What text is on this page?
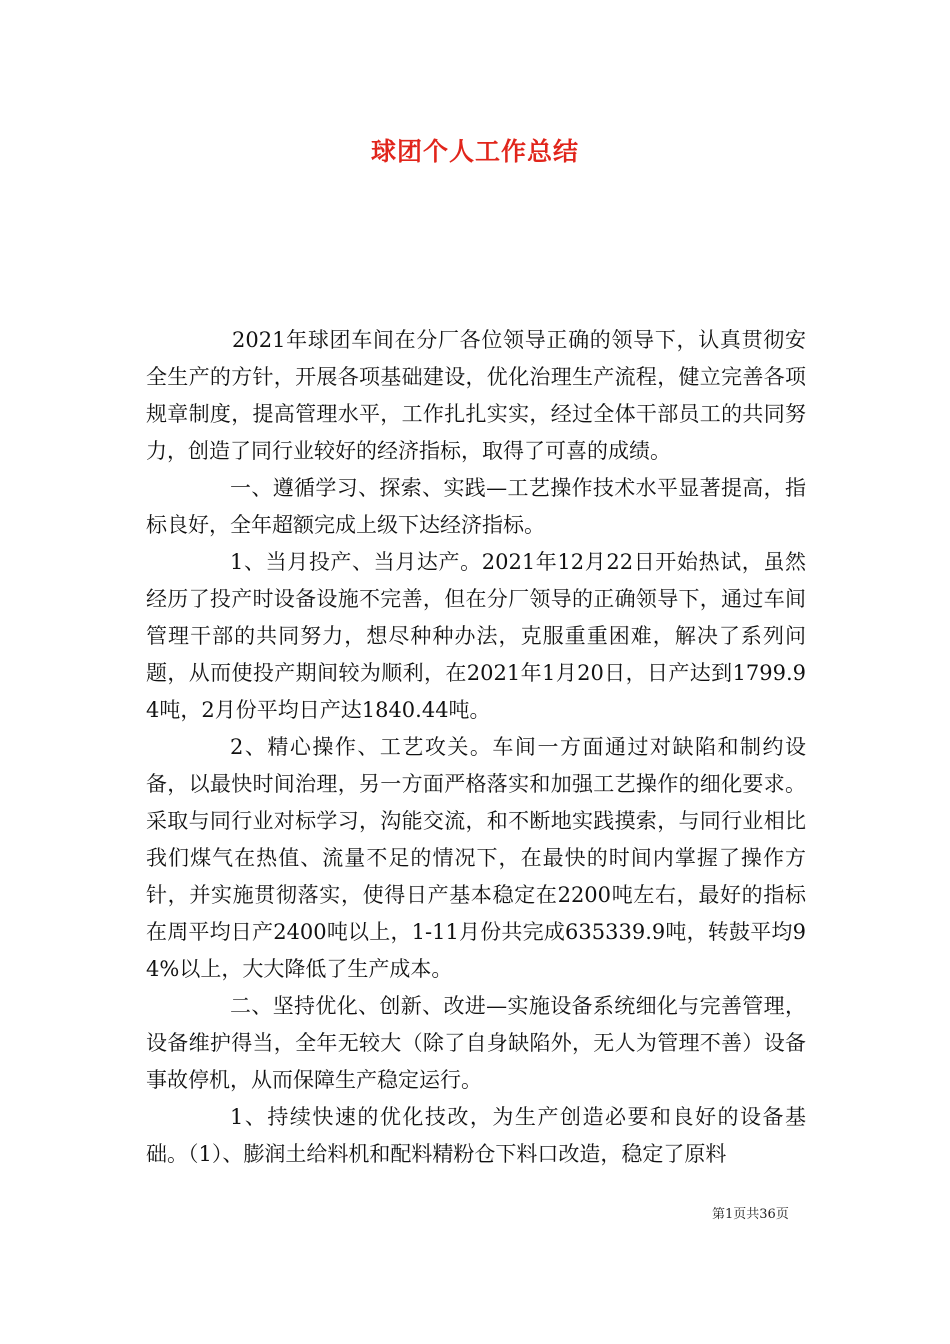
球团个人工作总结

2021年球团车间在分厂各位领导正确的领导下，认真贯彻安全生产的方针，开展各项基础建设，优化治理生产流程，健立完善各项规章制度，提高管理水平，工作扎扎实实，经过全体干部员工的共同努力，创造了同行业较好的经济指标，取得了可喜的成绩。

一、遵循学习、探索、实践—工艺操作技术水平显著提高，指标良好，全年超额完成上级下达经济指标。

1、当月投产、当月达产。2021年12月22日开始热试，虽然经历了投产时设备设施不完善，但在分厂领导的正确领导下，通过车间管理干部的共同努力，想尽种种办法，克服重重困难，解决了系列问题，从而使投产期间较为顺利，在2021年1月20日，日产达到1799.94吨，2月份平均日产达1840.44吨。

2、精心操作、工艺攻关。车间一方面通过对缺陷和制约设备，以最快时间治理，另一方面严格落实和加强工艺操作的细化要求。采取与同行业对标学习，沟能交流，和不断地实践摸索，与同行业相比我们煤气在热值、流量不足的情况下，在最快的时间内掌握了操作方针，并实施贯彻落实，使得日产基本稳定在2200吨左右，最好的指标在周平均日产2400吨以上，1-11月份共完成635339.9吨，转鼓平均94%以上，大大降低了生产成本。

二、坚持优化、创新、改进—实施设备系统细化与完善管理，设备维护得当，全年无较大（除了自身缺陷外，无人为管理不善）设备事故停机，从而保障生产稳定运行。

1、持续快速的优化技改，为生产创造必要和良好的设备基础。（1）、膨润土给料机和配料精粉仓下料口改造，稳定了原料

第1页共36页
